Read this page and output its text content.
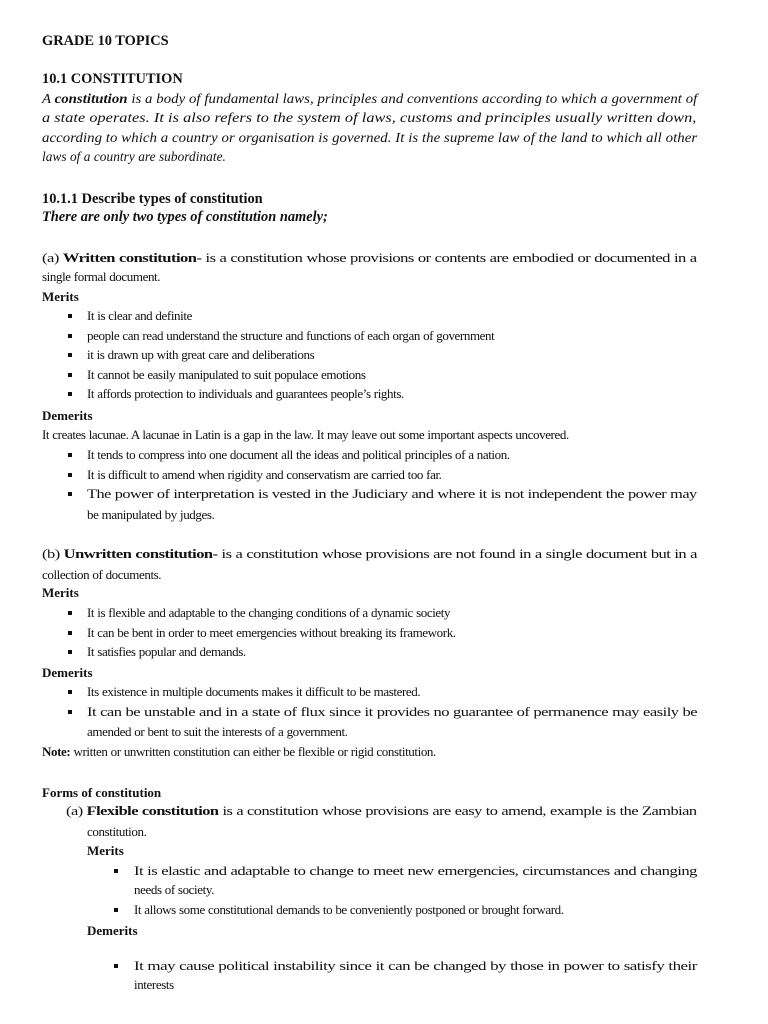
GRADE 10 TOPICS
10.1 CONSTITUTION
A constitution is a body of fundamental laws, principles and conventions according to which a government of
a state operates. It is also refers to the system of laws, customs and principles usually written down,
according to which a country or organisation is governed. It is the supreme law of the land to which all other
laws of a country are subordinate.
10.1.1 Describe types of constitution
There are only two types of constitution namely;
(a) Written constitution- is a constitution whose provisions or contents are embodied or documented in a
single formal document.
Merits
It is clear and definite
people can read understand the structure and functions of each organ of government
it is drawn up with great care and deliberations
It cannot be easily manipulated to suit populace emotions
It affords protection to individuals and guarantees people’s rights.
Demerits
It creates lacunae. A lacunae in Latin is a gap in the law. It may leave out some important aspects uncovered.
It tends to compress into one document all the ideas and political principles of a nation.
It is difficult to amend when rigidity and conservatism are carried too far.
The power of interpretation is vested in the Judiciary and where it is not independent the power may
be manipulated by judges.
(b) Unwritten constitution- is a constitution whose provisions are not found in a single document but in a
collection of documents.
Merits
It is flexible and adaptable to the changing conditions of a dynamic society
It can be bent in order to meet emergencies without breaking its framework.
It satisfies popular and demands.
Demerits
Its existence in multiple documents makes it difficult to be mastered.
It can be unstable and in a state of flux since it provides no guarantee of permanence may easily be
amended or bent to suit the interests of a government.
Note: written or unwritten constitution can either be flexible or rigid constitution.
Forms of constitution
(a) Flexible constitution is a constitution whose provisions are easy to amend, example is the Zambian
constitution.
Merits
It is elastic and adaptable to change to meet new emergencies, circumstances and changing
needs of society.
It allows some constitutional demands to be conveniently postponed or brought forward.
Demerits
It may cause political instability since it can be changed by those in power to satisfy their
interests
